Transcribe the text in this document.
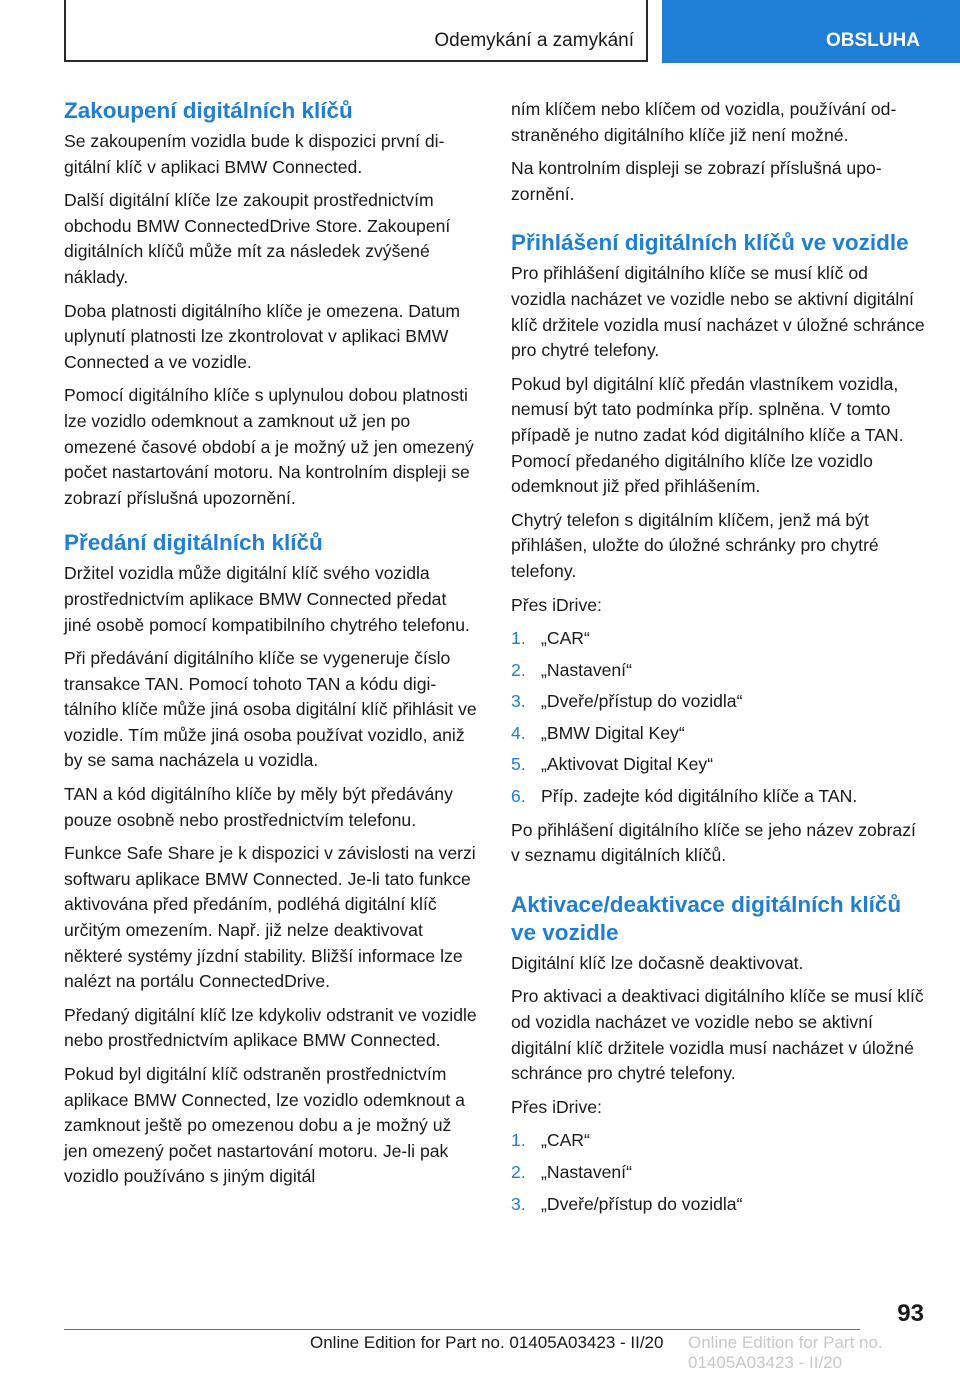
Odemykání a zamykání	OBSLUHA
Zakoupení digitálních klíčů

Se zakoupením vozidla bude k dispozici první digitální klíč v aplikaci BMW Connected.

Další digitální klíče lze zakoupit prostřednictvím obchodu BMW ConnectedDrive Store. Zakoupení digitálních klíčů může mít za následek zvýšené náklady.

Doba platnosti digitálního klíče je omezena. Datum uplynutí platnosti lze zkontrolovat v aplikaci BMW Connected a ve vozidle.

Pomocí digitálního klíče s uplynulou dobou platnosti lze vozidlo odemknout a zamknout už jen po omezené časové období a je možný už jen omezený počet nastartování motoru. Na kontrolním displeji se zobrazí příslušná upozornění.

Předání digitálních klíčů

Držitel vozidla může digitální klíč svého vozidla prostřednictvím aplikace BMW Connected předat jiné osobě pomocí kompatibilního chytrého telefonu.

Při předávání digitálního klíče se vygeneruje číslo transakce TAN. Pomocí tohoto TAN a kódu digitálního klíče může jiná osoba digitální klíč přihlásit ve vozidle. Tím může jiná osoba používat vozidlo, aniž by se sama nacházela u vozidla.

TAN a kód digitálního klíče by měly být předávány pouze osobně nebo prostřednictvím telefonu.

Funkce Safe Share je k dispozici v závislosti na verzi softwaru aplikace BMW Connected. Je-li tato funkce aktivována před předáním, podléhá digitální klíč určitým omezením. Např. již nelze deaktivovat některé systémy jízdní stability. Bližší informace lze nalézt na portálu ConnectedDrive.

Předaný digitální klíč lze kdykoliv odstranit ve vozidle nebo prostřednictvím aplikace BMW Connected.

Pokud byl digitální klíč odstraněn prostřednictvím aplikace BMW Connected, lze vozidlo odemknout a zamknout ještě po omezenou dobu a je možný už jen omezený počet nastartování motoru. Je-li pak vozidlo používáno s jiným digitál

ním klíčem nebo klíčem od vozidla, používání odstraněného digitálního klíče již není možné.

Na kontrolním displeji se zobrazí příslušná upozornění.

Přihlášení digitálních klíčů ve vozidle

Pro přihlášení digitálního klíče se musí klíč od vozidla nacházet ve vozidle nebo se aktivní digitální klíč držitele vozidla musí nacházet v úložné schránce pro chytré telefony.

Pokud byl digitální klíč předán vlastníkem vozidla, nemusí být tato podmínka příp. splněna. V tomto případě je nutno zadat kód digitálního klíče a TAN. Pomocí předaného digitálního klíče lze vozidlo odemknout již před přihlášením.

Chytrý telefon s digitálním klíčem, jenž má být přihlášen, uložte do úložné schránky pro chytré telefony.

Přes iDrive:

1. „CAR“
2. „Nastavení“
3. „Dveře/přístup do vozidla“
4. „BMW Digital Key“
5. „Aktivovat Digital Key“
6. Příp. zadejte kód digitálního klíče a TAN.

Po přihlášení digitálního klíče se jeho název zobrazí v seznamu digitálních klíčů.

Aktivace/deaktivace digitálních klíčů ve vozidle

Digitální klíč lze dočasně deaktivovat.

Pro aktivaci a deaktivaci digitálního klíče se musí klíč od vozidla nacházet ve vozidle nebo se aktivní digitální klíč držitele vozidla musí nacházet v úložné schránce pro chytré telefony.

Přes iDrive:

1. „CAR“
2. „Nastavení“
3. „Dveře/přístup do vozidla“
93
Online Edition for Part no. 01405A03423 - II/20 Online Edition for Part no. 01405A03423 - II/20
